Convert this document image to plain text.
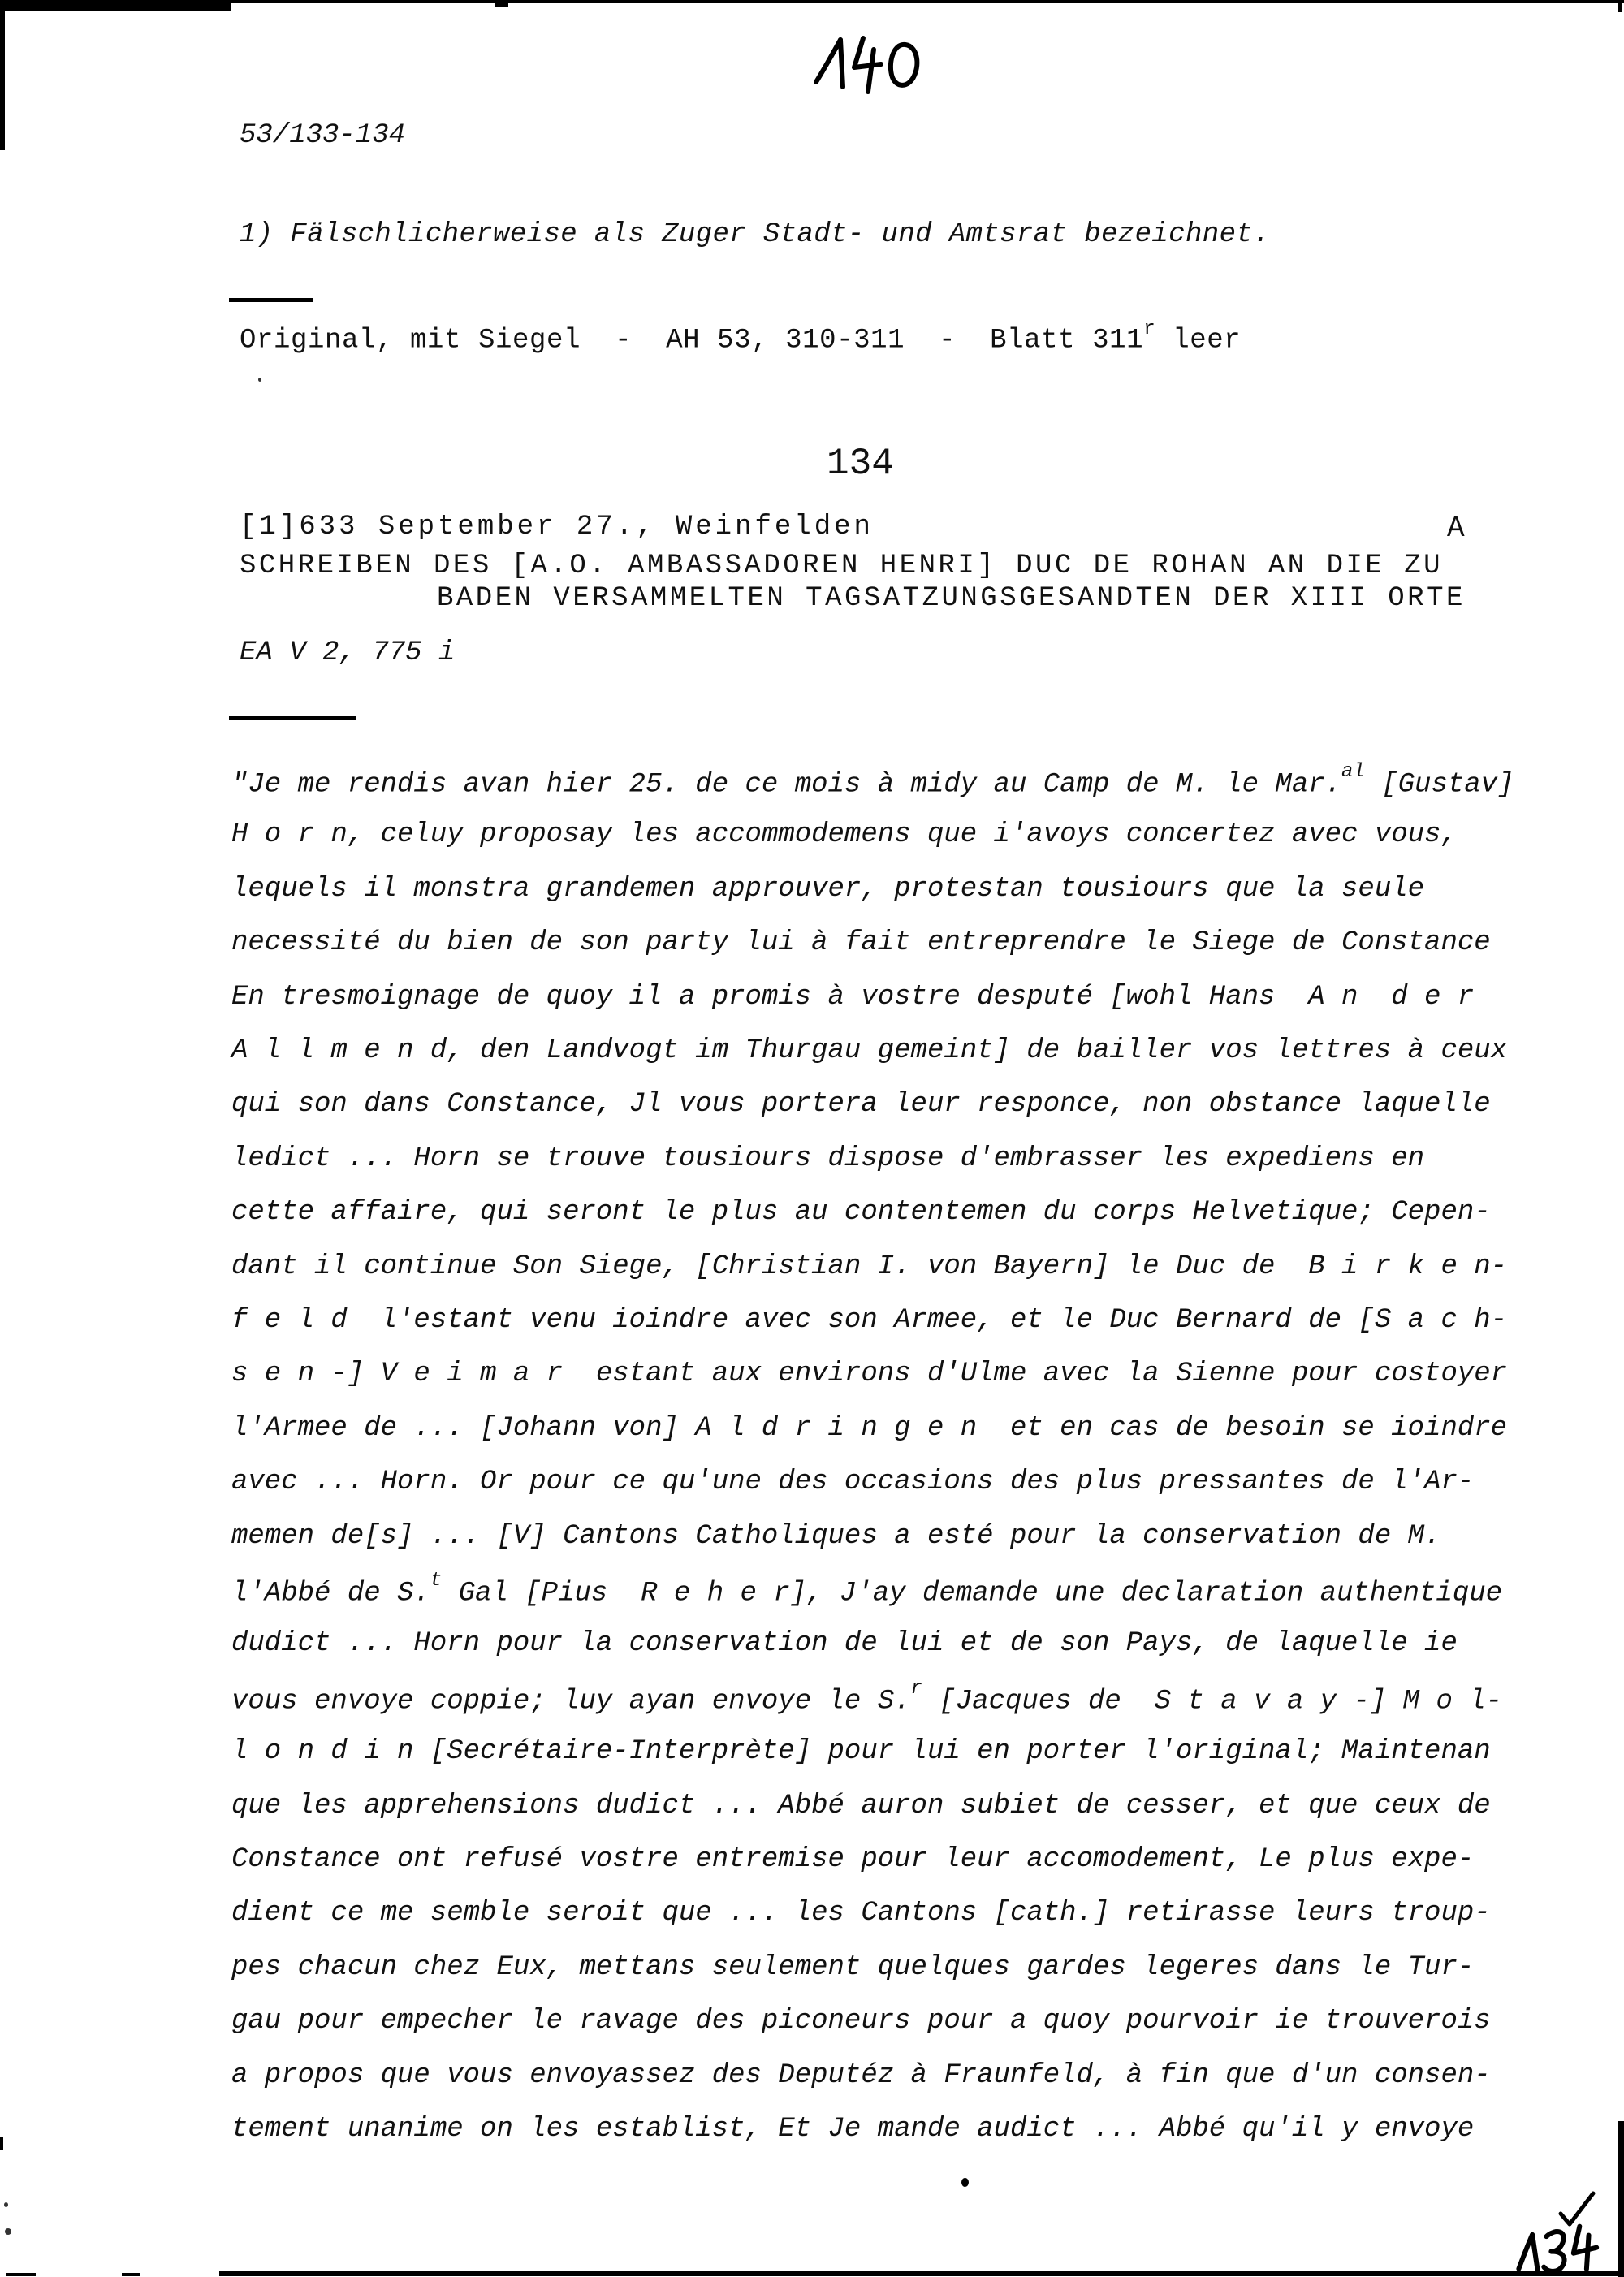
53/133-134
1) Fälschlicherweise als Zuger Stadt- und Amtsrat bezeichnet.
Original, mit Siegel  -  AH 53, 310-311  -  Blatt 311$^r$ leer
134
[1]633 September 27., Weinfelden	A
SCHREIBEN DES [A.O. AMBASSADOREN HENRI] DUC DE ROHAN AN DIE ZU
BADEN VERSAMMELTEN TAGSATZUNGSGESANDTEN DER XIII ORTE
EA V 2, 775 i
"Je me rendis avan hier 25. de ce mois à midy au Camp de M. le Mar.$^{al}$ [Gustav]
H o r n, celuy proposay les accommodemens que i'avoys concertez avec vous,
lequels il monstra grandemen approuver, protestan tousiours que la seule
necessité du bien de son party lui à fait entreprendre le Siege de Constance
En tresmoignage de quoy il a promis à vostre desputé [wohl Hans  A n  d e r
A l l m e n d, den Landvogt im Thurgau gemeint] de bailler vos lettres à ceux
qui son dans Constance, Jl vous portera leur responce, non obstance laquelle
ledict ... Horn se trouve tousiours dispose d'embrasser les expediens en
cette affaire, qui seront le plus au contentemen du corps Helvetique; Cepen-
dant il continue Son Siege, [Christian I. von Bayern] le Duc de  B i r k e n-
f e l d  l'estant venu ioindre avec son Armee, et le Duc Bernard de [S a c h-
s e n -] V e i m a r  estant aux environs d'Ulme avec la Sienne pour costoyer
l'Armee de ... [Johann von] A l d r i n g e n  et en cas de besoin se ioindre
avec ... Horn. Or pour ce qu'une des occasions des plus pressantes de l'Ar-
memen de[s] ... [V] Cantons Catholiques a esté pour la conservation de M.
l'Abbé de S.$^t$ Gal [Pius  R e h e r], J'ay demande une declaration authentique
dudict ... Horn pour la conservation de lui et de son Pays, de laquelle ie
vous envoye coppie; luy ayan envoye le S.$^r$ [Jacques de  S t a v a y -] M o l-
l o n d i n [Secrétaire-Interprète] pour lui en porter l'original; Maintenan
que les apprehensions dudict ... Abbé auron subiet de cesser, et que ceux de
Constance ont refusé vostre entremise pour leur accomodement, Le plus expe-
dient ce me semble seroit que ... les Cantons [cath.] retirasse leurs troup-
pes chacun chez Eux, mettans seulement quelques gardes legeres dans le Tur-
gau pour empecher le ravage des piconeurs pour a quoy pourvoir ie trouverois
a propos que vous envoyassez des Deputéz à Fraunfeld, à fin que d'un consen-
tement unanime on les establist, Et Je mande audict ... Abbé qu'il y envoye
